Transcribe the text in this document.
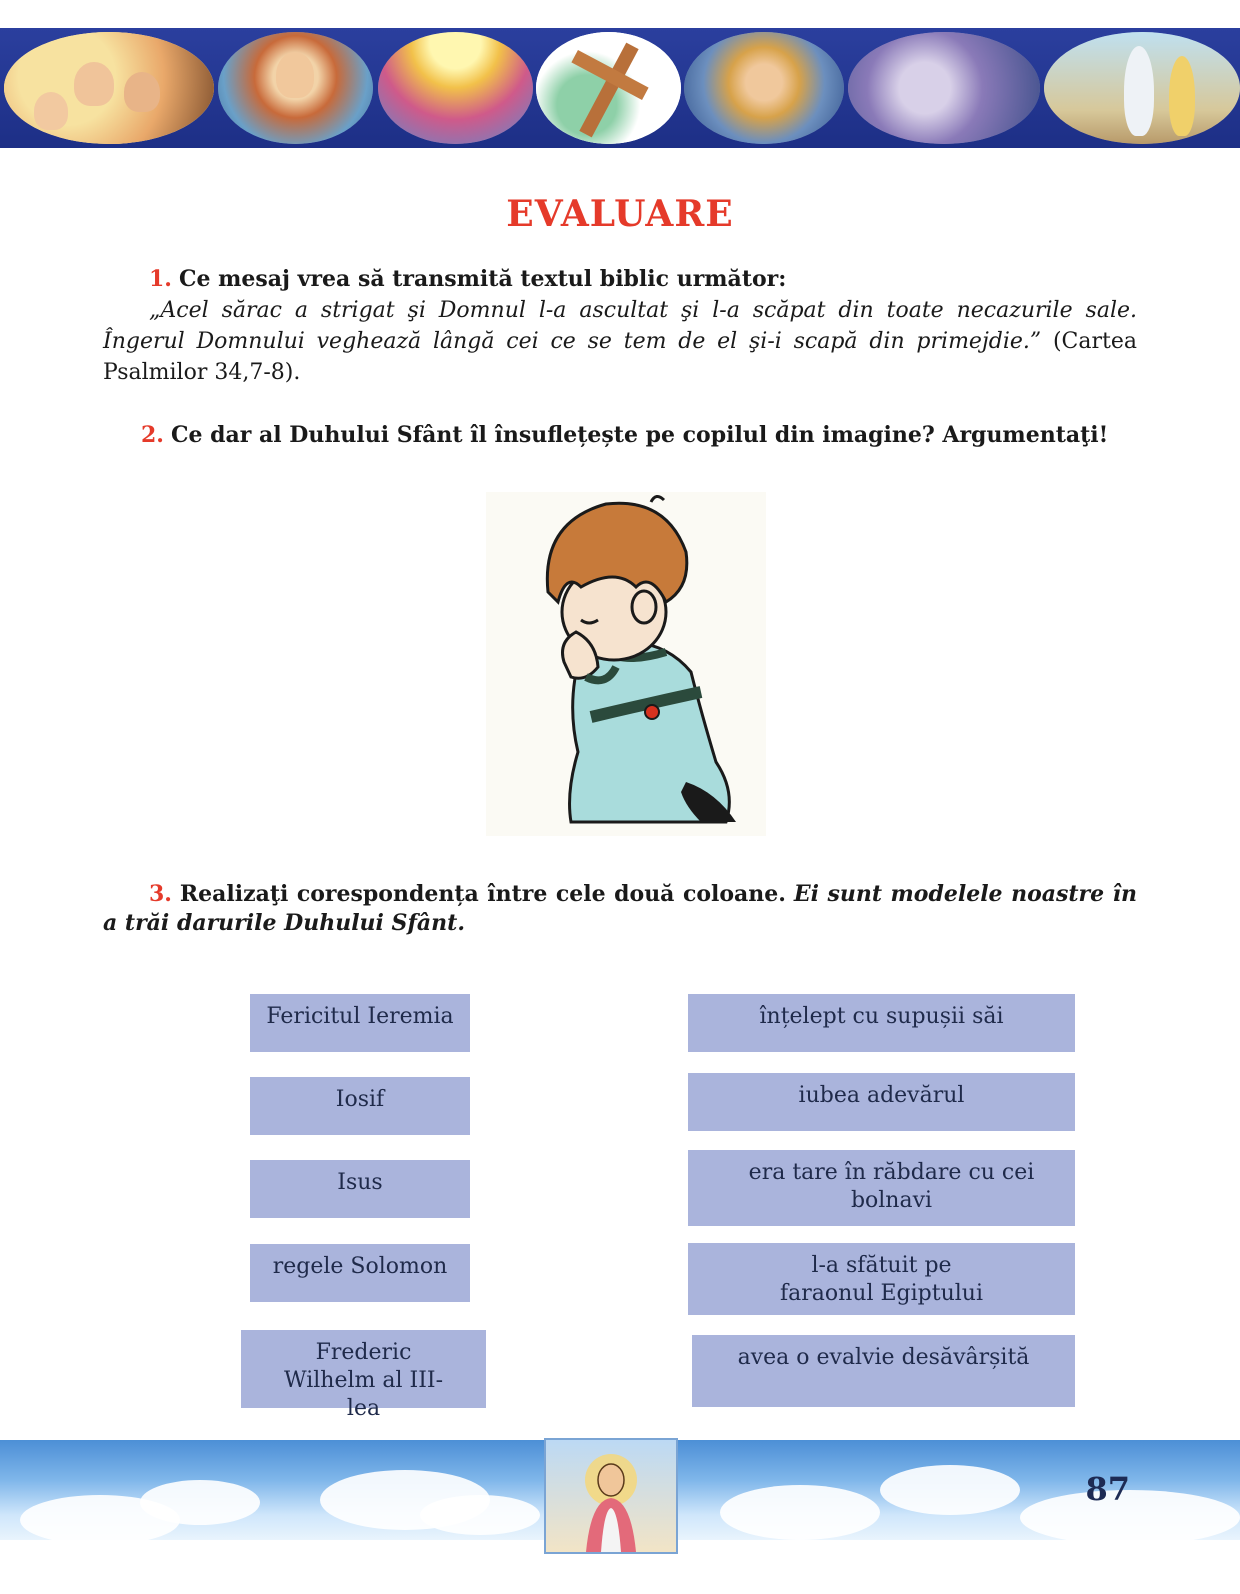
EVALUARE
1. Ce mesaj vrea să transmită textul biblic următor:
„Acel sărac a strigat şi Domnul l-a ascultat şi l-a scăpat din toate necazurile sale. Îngerul Domnului veghează lângă cei ce se tem de el şi-i scapă din primejdie.” (Cartea Psalmilor 34,7-8).
2. Ce dar al Duhului Sfânt îl însuflețește pe copilul din imagine? Argumentaţi!
3. Realizaţi corespondența între cele două coloane. Ei sunt modelele noastre în a trăi darurile Duhului Sfânt.
Fericitul Ieremia
Iosif
Isus
regele Solomon
Frederic Wilhelm al III-lea
înțelept cu supușii săi
iubea adevărul
era tare în răbdare cu cei bolnavi
l-a sfătuit pe faraonul Egiptului
avea o evalvie desăvârșită
87
